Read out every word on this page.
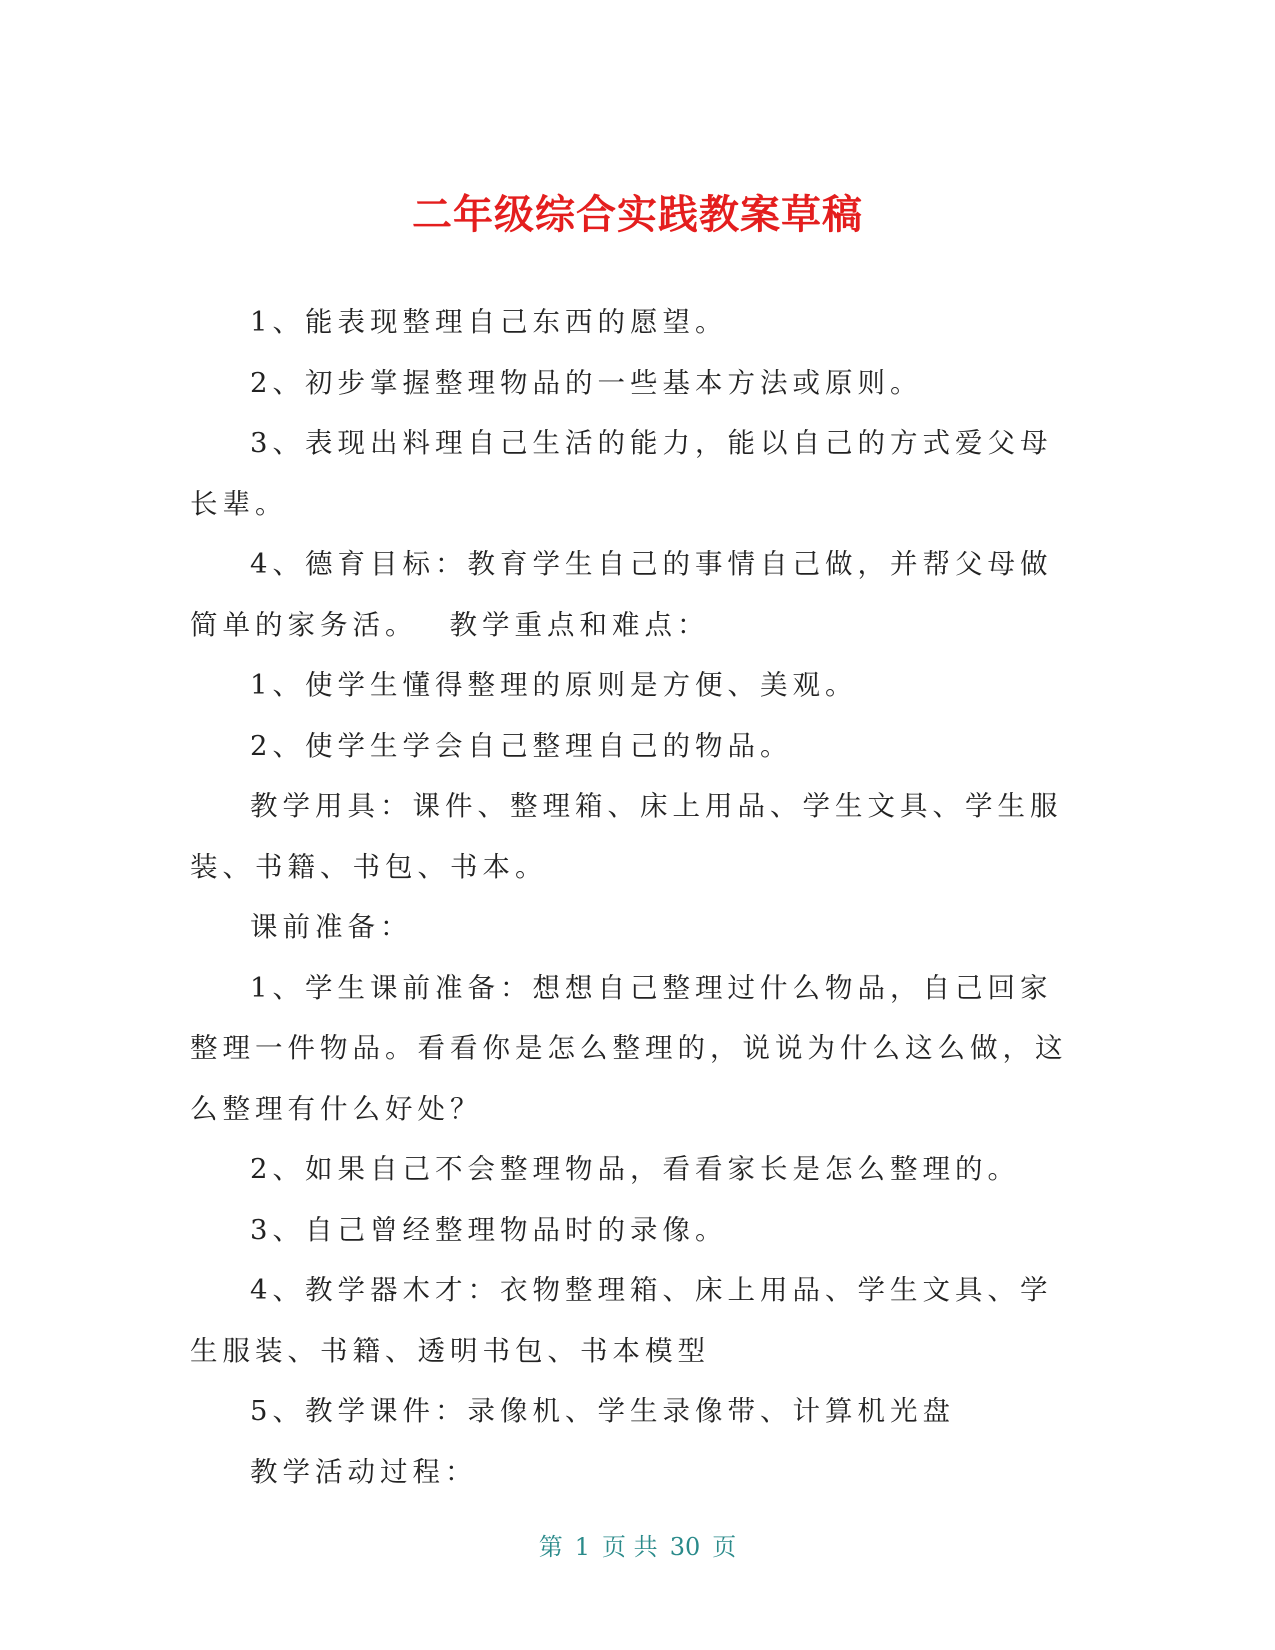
二年级综合实践教案草稿

1、能表现整理自己东西的愿望。

2、初步掌握整理物品的一些基本方法或原则。

3、表现出料理自己生活的能力，能以自己的方式爱父母长辈。

4、德育目标：教育学生自己的事情自己做，并帮父母做简单的家务活。 教学重点和难点：

1、使学生懂得整理的原则是方便、美观。

2、使学生学会自己整理自己的物品。

教学用具：课件、整理箱、床上用品、学生文具、学生服装、书籍、书包、书本。

课前准备：

1、学生课前准备：想想自己整理过什么物品，自己回家整理一件物品。看看你是怎么整理的，说说为什么这么做，这么整理有什么好处？

2、如果自己不会整理物品，看看家长是怎么整理的。

3、自己曾经整理物品时的录像。

4、教学器木才：衣物整理箱、床上用品、学生文具、学生服装、书籍、透明书包、书本模型

5、教学课件：录像机、学生录像带、计算机光盘

教学活动过程：

第 1 页 共 30 页
